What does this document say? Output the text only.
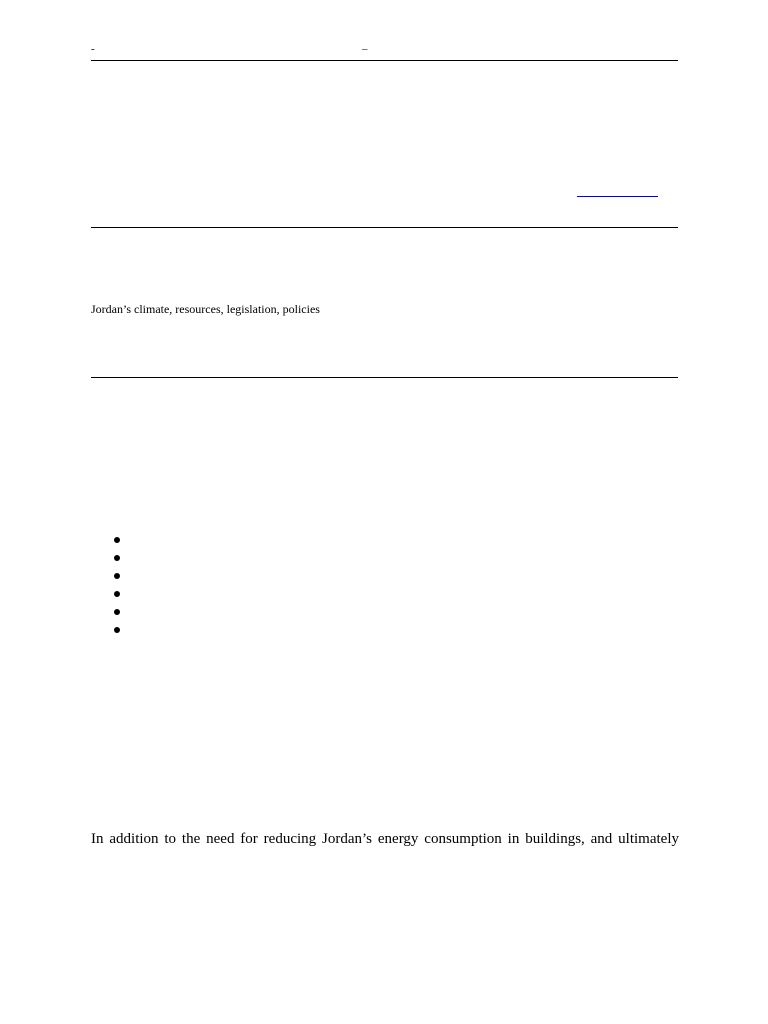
-	–
Jordan’s climate, resources, legislation, policies
In addition to the need for reducing Jordan’s energy consumption in buildings, and ultimately
